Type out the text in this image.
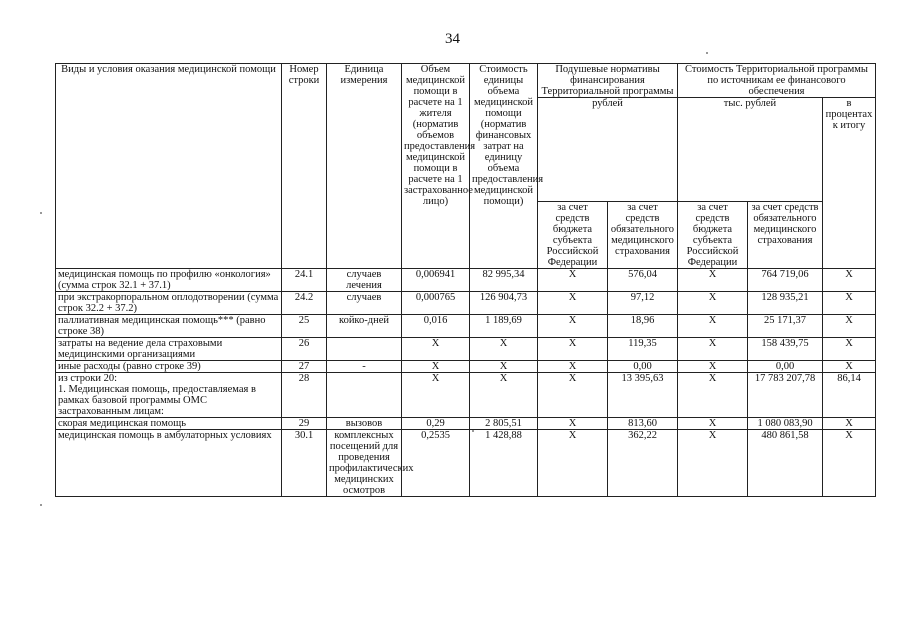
34
Виды и условия оказания медицинской помощи	Номер строки	Единица измерения	Объем медицинской помощи в расчете на 1 жителя (норматив объемов предоставления медицинской помощи в расчете на 1 застрахованное лицо)	Стоимость единицы объема медицинской помощи (норматив финансовых затрат на единицу объема предоставления медицинской помощи)	Подушевые нормативы финансирования Территориальной программы		Стоимость Территориальной программы по источникам ее финансового обеспечения		
					рублей		тыс. рублей		в процентах к итогу
					за счет средств бюджета субъекта Российской Федерации	за счет средств обязательного медицинского страхования	за счет средств бюджета субъекта Российской Федерации	за счет средств обязательного медицинского страхования	
медицинская помощь по профилю «онкология» (сумма строк 32.1 + 37.1)	24.1	случаев лечения	0,006941	82 995,34	X	576,04	X	764 719,06	X
при экстракорпоральном оплодотворении (сумма строк 32.2 + 37.2)	24.2	случаев	0,000765	126 904,73	X	97,12	X	128 935,21	X
паллиативная медицинская помощь*** (равно строке 38)	25	койко-дней	0,016	1 189,69	X	18,96	X	25 171,37	X
затраты на ведение дела страховыми медицинскими организациями	26		X	X	X	119,35	X	158 439,75	X
иные расходы (равно строке 39)	27	-	X	X	X	0,00	X	0,00	X
из строки 20:
1. Медицинская помощь, предоставляемая в рамках базовой программы ОМС застрахованным лицам:	28		X	X	X	13 395,63	X	17 783 207,78	86,14
скорая медицинская помощь	29	вызовов	0,29	2 805,51	X	813,60	X	1 080 083,90	X
медицинская помощь в амбулаторных условиях	30.1	комплексных посещений для проведения профилактических медицинских осмотров	0,2535	1 428,88	X	362,22	X	480 861,58	X
